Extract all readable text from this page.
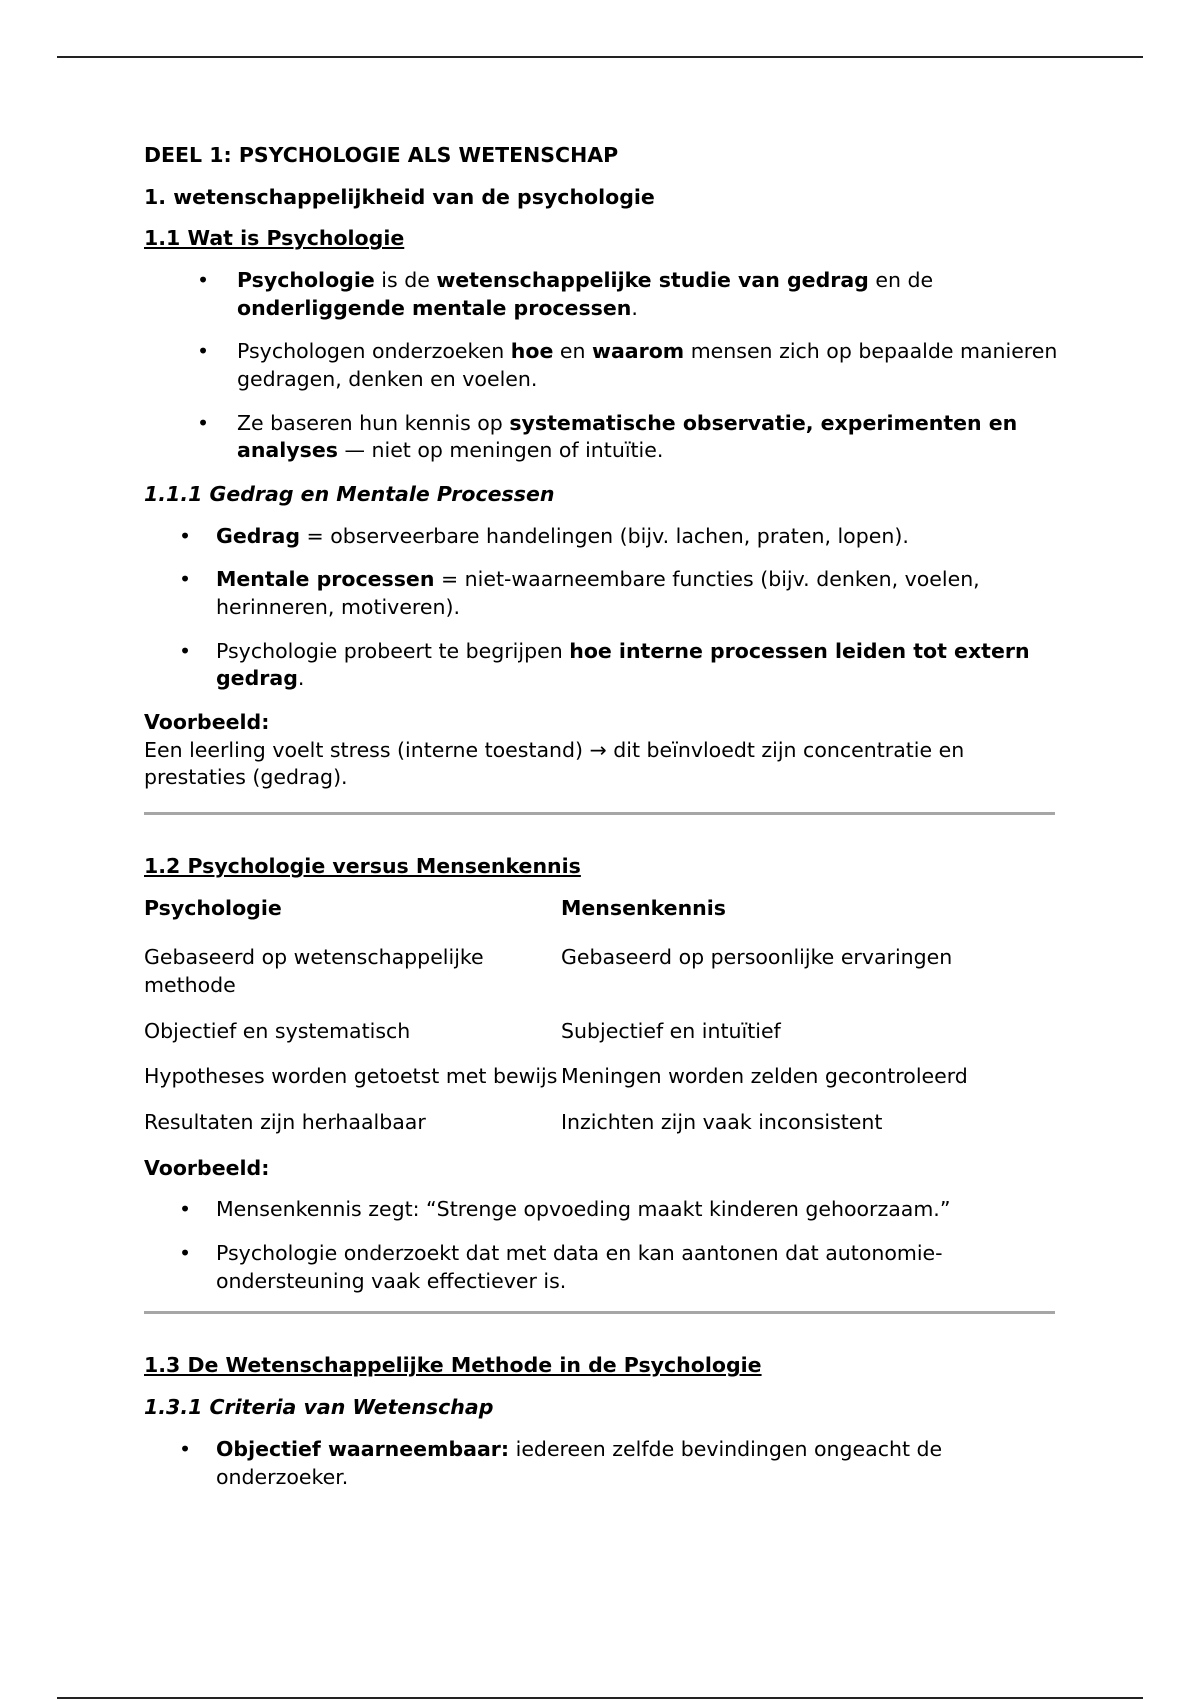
DEEL 1: PSYCHOLOGIE ALS WETENSCHAP
1. wetenschappelijkheid van de psychologie
1.1 Wat is Psychologie
• Psychologie is de wetenschappelijke studie van gedrag en de onderliggende mentale processen.
• Psychologen onderzoeken hoe en waarom mensen zich op bepaalde manieren gedragen, denken en voelen.
• Ze baseren hun kennis op systematische observatie, experimenten en analyses — niet op meningen of intuïtie.
1.1.1 Gedrag en Mentale Processen
• Gedrag = observeerbare handelingen (bijv. lachen, praten, lopen).
• Mentale processen = niet-waarneembare functies (bijv. denken, voelen, herinneren, motiveren).
• Psychologie probeert te begrijpen hoe interne processen leiden tot extern gedrag.
Voorbeeld:

Een leerling voelt stress (interne toestand) → dit beïnvloedt zijn concentratie en prestaties (gedrag).

1.2 Psychologie versus Mensenkennis
Psychologie	Mensenkennis
Gebaseerd op wetenschappelijke methode	Gebaseerd op persoonlijke ervaringen
Objectief en systematisch	Subjectief en intuïtief
Hypotheses worden getoetst met bewijs	Meningen worden zelden gecontroleerd
Resultaten zijn herhaalbaar	Inzichten zijn vaak inconsistent
Voorbeeld:
• Mensenkennis zegt: “Strenge opvoeding maakt kinderen gehoorzaam.”
• Psychologie onderzoekt dat met data en kan aantonen dat autonomie-ondersteuning vaak effectiever is.
1.3 De Wetenschappelijke Methode in de Psychologie
1.3.1 Criteria van Wetenschap
• Objectief waarneembaar: iedereen zelfde bevindingen ongeacht de onderzoeker.
